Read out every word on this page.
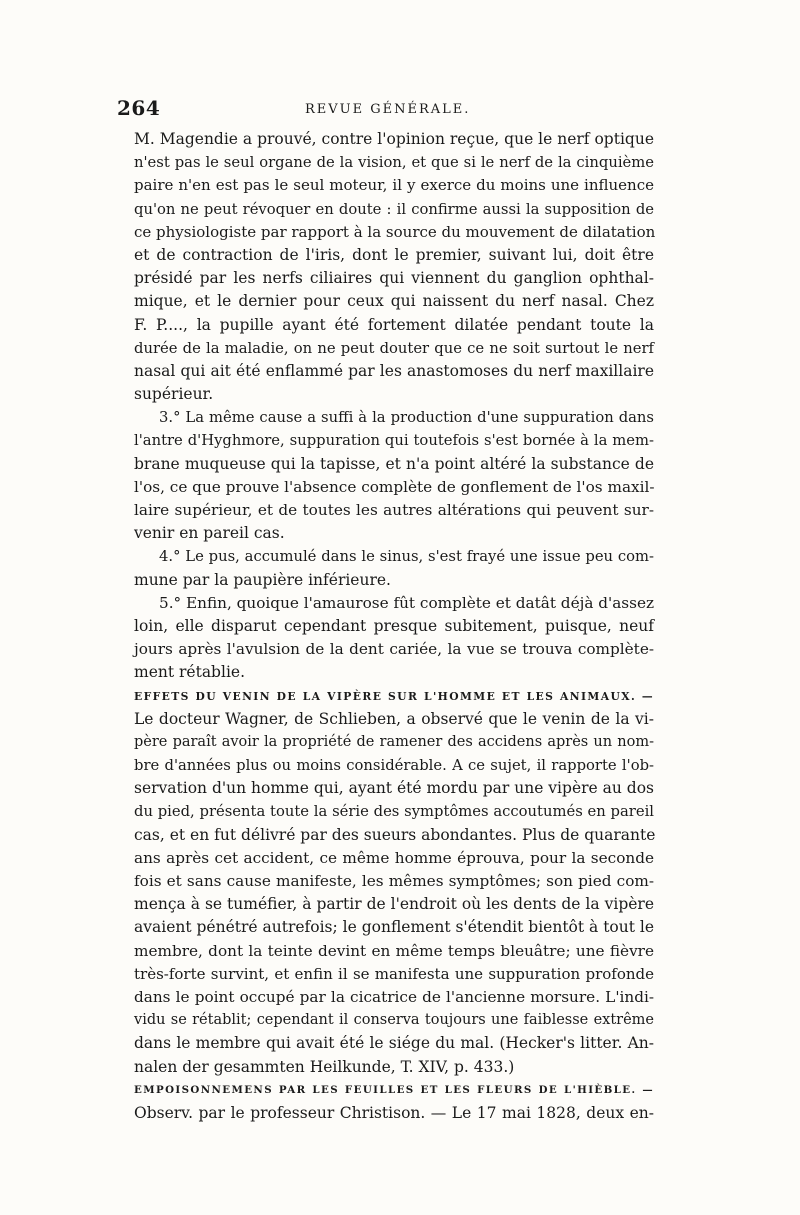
264	REVUE GÉNÉRALE.
M. Magendie a prouvé, contre l'opinion reçue, que le nerf optique
n'est pas le seul organe de la vision, et que si le nerf de la cinquième
paire n'en est pas le seul moteur, il y exerce du moins une influence
qu'on ne peut révoquer en doute : il confirme aussi la supposition de
ce physiologiste par rapport à la source du mouvement de dilatation
et de contraction de l'iris, dont le premier, suivant lui, doit être
présidé par les nerfs ciliaires qui viennent du ganglion ophthal-
mique, et le dernier pour ceux qui naissent du nerf nasal. Chez
F. P...., la pupille ayant été fortement dilatée pendant toute la
durée de la maladie, on ne peut douter que ce ne soit surtout le nerf
nasal qui ait été enflammé par les anastomoses du nerf maxillaire
supérieur.
3.° La même cause a suffi à la production d'une suppuration dans
l'antre d'Hyghmore, suppuration qui toutefois s'est bornée à la mem-
brane muqueuse qui la tapisse, et n'a point altéré la substance de
l'os, ce que prouve l'absence complète de gonflement de l'os maxil-
laire supérieur, et de toutes les autres altérations qui peuvent sur-
venir en pareil cas.
4.° Le pus, accumulé dans le sinus, s'est frayé une issue peu com-
mune par la paupière inférieure.
5.° Enfin, quoique l'amaurose fût complète et datât déjà d'assez
loin, elle disparut cependant presque subitement, puisque, neuf
jours après l'avulsion de la dent cariée, la vue se trouva complète-
ment rétablie.
EFFETS DU VENIN DE LA VIPÈRE SUR L'HOMME ET LES ANIMAUX. —
Le docteur Wagner, de Schlieben, a observé que le venin de la vi-
père paraît avoir la propriété de ramener des accidens après un nom-
bre d'années plus ou moins considérable. A ce sujet, il rapporte l'ob-
servation d'un homme qui, ayant été mordu par une vipère au dos
du pied, présenta toute la série des symptômes accoutumés en pareil
cas, et en fut délivré par des sueurs abondantes. Plus de quarante
ans après cet accident, ce même homme éprouva, pour la seconde
fois et sans cause manifeste, les mêmes symptômes; son pied com-
mença à se tuméfier, à partir de l'endroit où les dents de la vipère
avaient pénétré autrefois; le gonflement s'étendit bientôt à tout le
membre, dont la teinte devint en même temps bleuâtre; une fièvre
très-forte survint, et enfin il se manifesta une suppuration profonde
dans le point occupé par la cicatrice de l'ancienne morsure. L'indi-
vidu se rétablit; cependant il conserva toujours une faiblesse extrême
dans le membre qui avait été le siége du mal. (Hecker's litter. An-
nalen der gesammten Heilkunde, T. XIV, p. 433.)
EMPOISONNEMENS PAR LES FEUILLES ET LES FLEURS DE L'HIÈBLE. —
Observ. par le professeur Christison. — Le 17 mai 1828, deux en-
